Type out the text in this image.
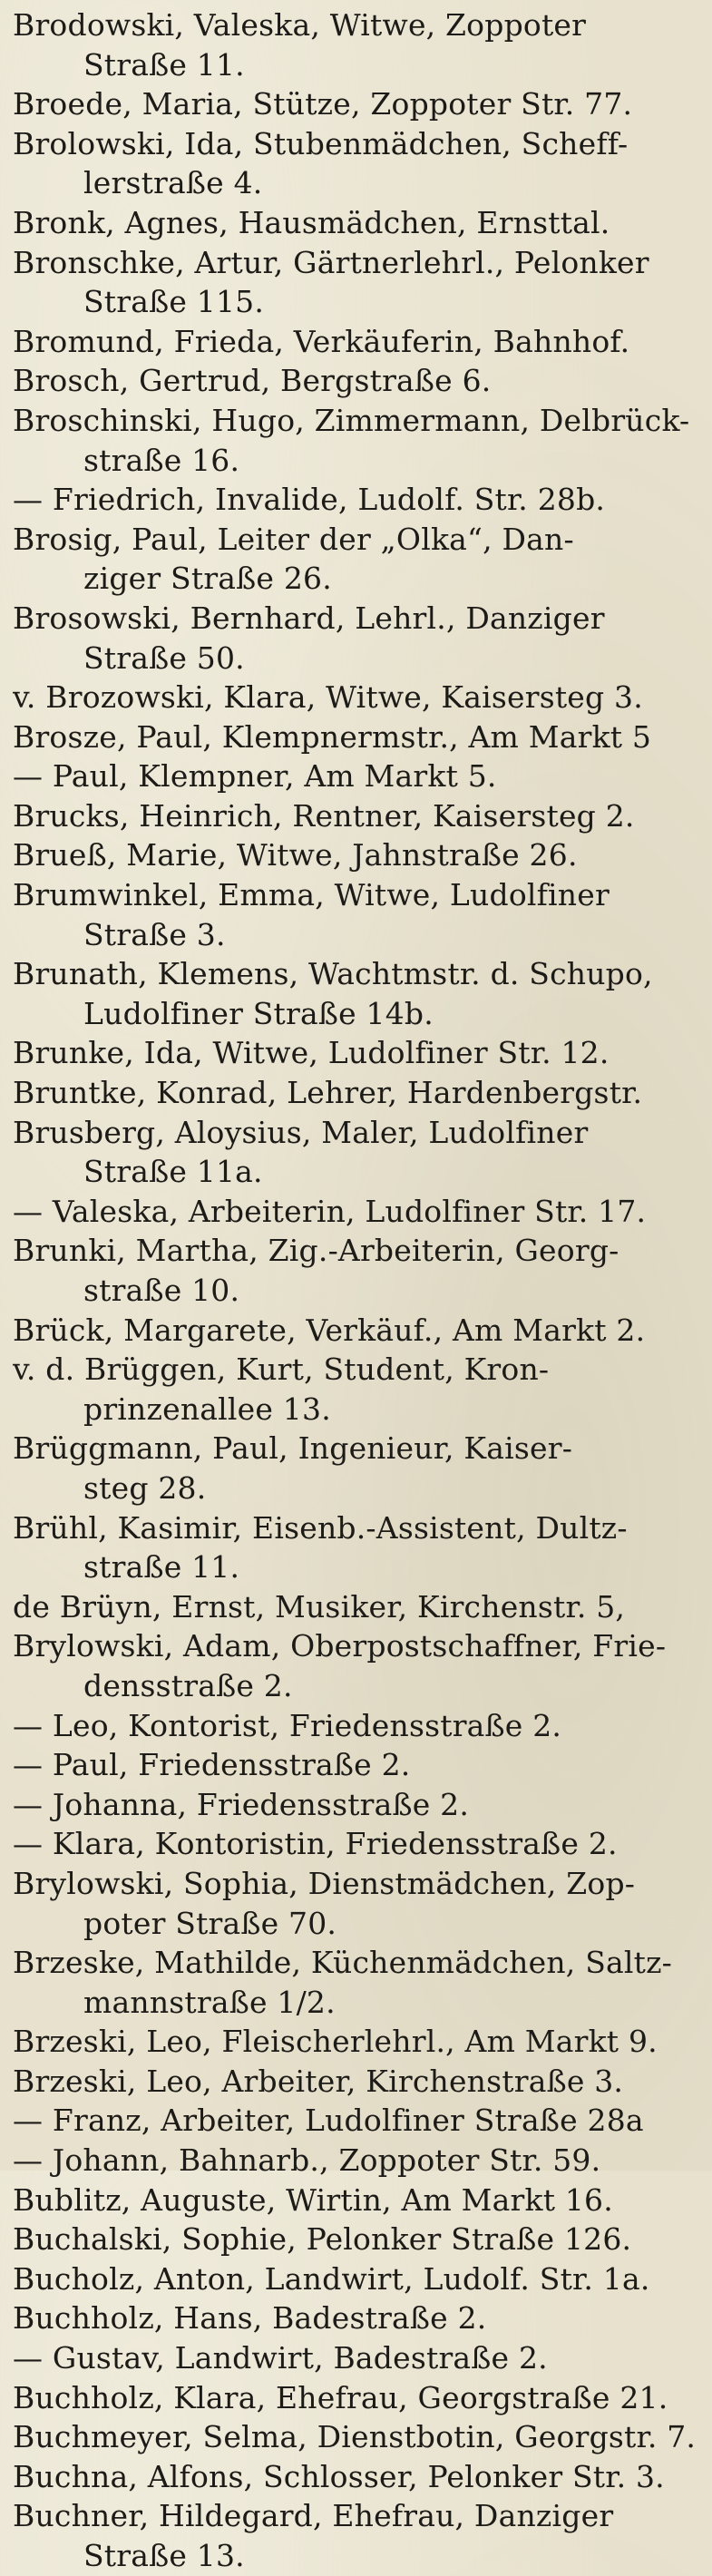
Brodowski, Valeska, Witwe, Zoppoter
Straße 11.

Broede, Maria, Stütze, Zoppoter Str. 77.

Brolowski, Ida, Stubenmädchen, Scheff-
lerstraße 4.

Bronk, Agnes, Hausmädchen, Ernsttal.

Bronschke, Artur, Gärtnerlehrl., Pelonker
Straße 115.

Bromund, Frieda, Verkäuferin, Bahnhof.

Brosch, Gertrud, Bergstraße 6.

Broschinski, Hugo, Zimmermann, Delbrück-
straße 16.

— Friedrich, Invalide, Ludolf. Str. 28b.

Brosig, Paul, Leiter der „Olka“, Dan-
ziger Straße 26.

Brosowski, Bernhard, Lehrl., Danziger
Straße 50.

v. Brozowski, Klara, Witwe, Kaisersteg 3.

Brosze, Paul, Klempnermstr., Am Markt 5

— Paul, Klempner, Am Markt 5.

Brucks, Heinrich, Rentner, Kaisersteg 2.

Brueß, Marie, Witwe, Jahnstraße 26.

Brumwinkel, Emma, Witwe, Ludolfiner
Straße 3.

Brunath, Klemens, Wachtmstr. d. Schupo,
Ludolfiner Straße 14b.

Brunke, Ida, Witwe, Ludolfiner Str. 12.

Bruntke, Konrad, Lehrer, Hardenbergstr.

Brusberg, Aloysius, Maler, Ludolfiner
Straße 11a.

— Valeska, Arbeiterin, Ludolfiner Str. 17.

Brunki, Martha, Zig.-Arbeiterin, Georg-
straße 10.

Brück, Margarete, Verkäuf., Am Markt 2.

v. d. Brüggen, Kurt, Student, Kron-
prinzenallee 13.

Brüggmann, Paul, Ingenieur, Kaiser-
steg 28.

Brühl, Kasimir, Eisenb.-Assistent, Dultz-
straße 11.

de Brüyn, Ernst, Musiker, Kirchenstr. 5,

Brylowski, Adam, Oberpostschaffner, Frie-
densstraße 2.

— Leo, Kontorist, Friedensstraße 2.

— Paul, Friedensstraße 2.

— Johanna, Friedensstraße 2.

— Klara, Kontoristin, Friedensstraße 2.

Brylowski, Sophia, Dienstmädchen, Zop-
poter Straße 70.

Brzeske, Mathilde, Küchenmädchen, Saltz-
mannstraße 1/2.

Brzeski, Leo, Fleischerlehrl., Am Markt 9.

Brzeski, Leo, Arbeiter, Kirchenstraße 3.

— Franz, Arbeiter, Ludolfiner Straße 28a

— Johann, Bahnarb., Zoppoter Str. 59.

Bublitz, Auguste, Wirtin, Am Markt 16.

Buchalski, Sophie, Pelonker Straße 126.

Bucholz, Anton, Landwirt, Ludolf. Str. 1a.

Buchholz, Hans, Badestraße 2.

— Gustav, Landwirt, Badestraße 2.

Buchholz, Klara, Ehefrau, Georgstraße 21.

Buchmeyer, Selma, Dienstbotin, Georgstr. 7.

Buchna, Alfons, Schlosser, Pelonker Str. 3.

Buchner, Hildegard, Ehefrau, Danziger
Straße 13.
